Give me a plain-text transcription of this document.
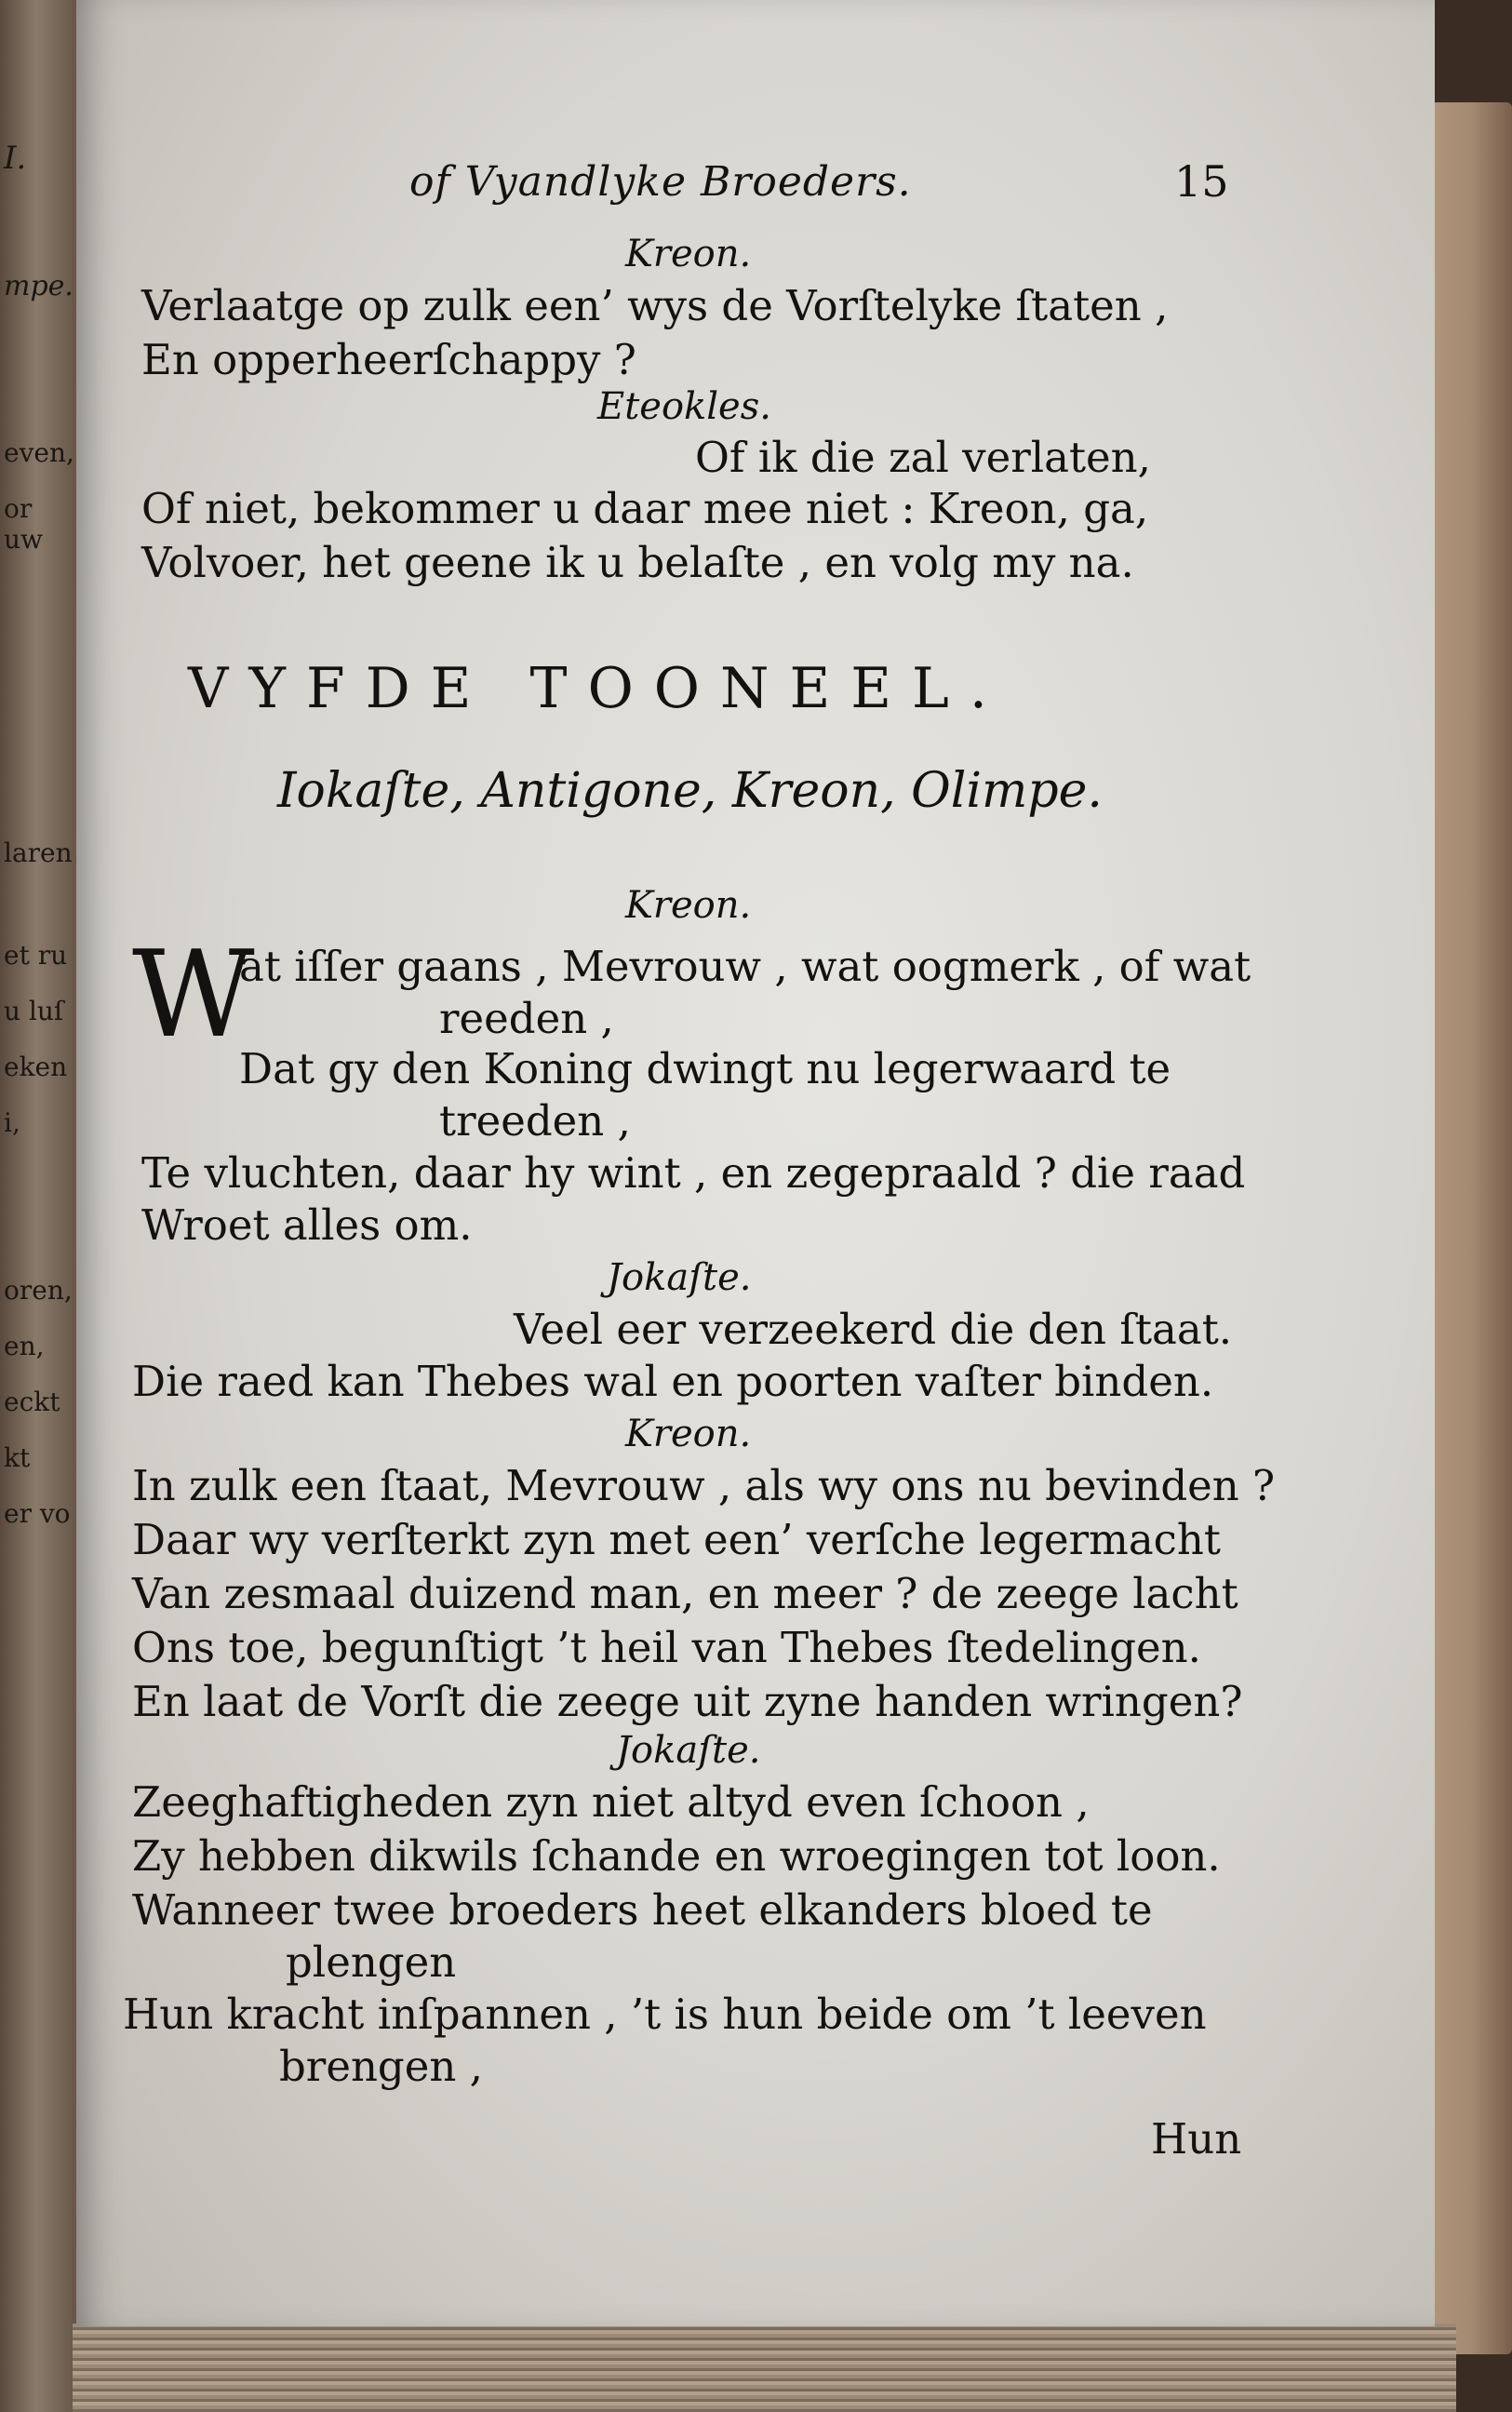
I.
mpe.
even,
or uw
laren
et ru
u luſ
eken
i,
oren,
en,
eckt
kt
er vo
of Vyandlyke Broeders.	15
Kreon.
Verlaatge op zulk een’ wys de Vorſtelyke ſtaten ,
En opperheerſchappy ?
Eteokles.
Of ik die zal verlaten,
Of niet, bekommer u daar mee niet : Kreon, ga,
Volvoer, het geene ik u belaſte , en volg my na.
VYFDE TOONEEL.
Iokaſte, Antigone, Kreon, Olimpe.
Kreon.
W
at iſſer gaans , Mevrouw , wat oogmerk , of wat
reeden ,
Dat gy den Koning dwingt nu legerwaard te
treeden ,
Te vluchten, daar hy wint , en zegepraald ? die raad
Wroet alles om.
Jokaſte.
Veel eer verzeekerd die den ſtaat.
Die raed kan Thebes wal en poorten vaſter binden.
Kreon.
In zulk een ſtaat, Mevrouw , als wy ons nu bevinden ?
Daar wy verſterkt zyn met een’ verſche legermacht
Van zesmaal duizend man, en meer ? de zeege lacht
Ons toe, begunſtigt ’t heil van Thebes ſtedelingen.
En laat de Vorſt die zeege uit zyne handen wringen?
Jokaſte.
Zeeghaftigheden zyn niet altyd even ſchoon ,
Zy hebben dikwils ſchande en wroegingen tot loon.
Wanneer twee broeders heet elkanders bloed te
plengen
Hun kracht inſpannen , ’t is hun beide om ’t leeven
brengen ,
Hun
